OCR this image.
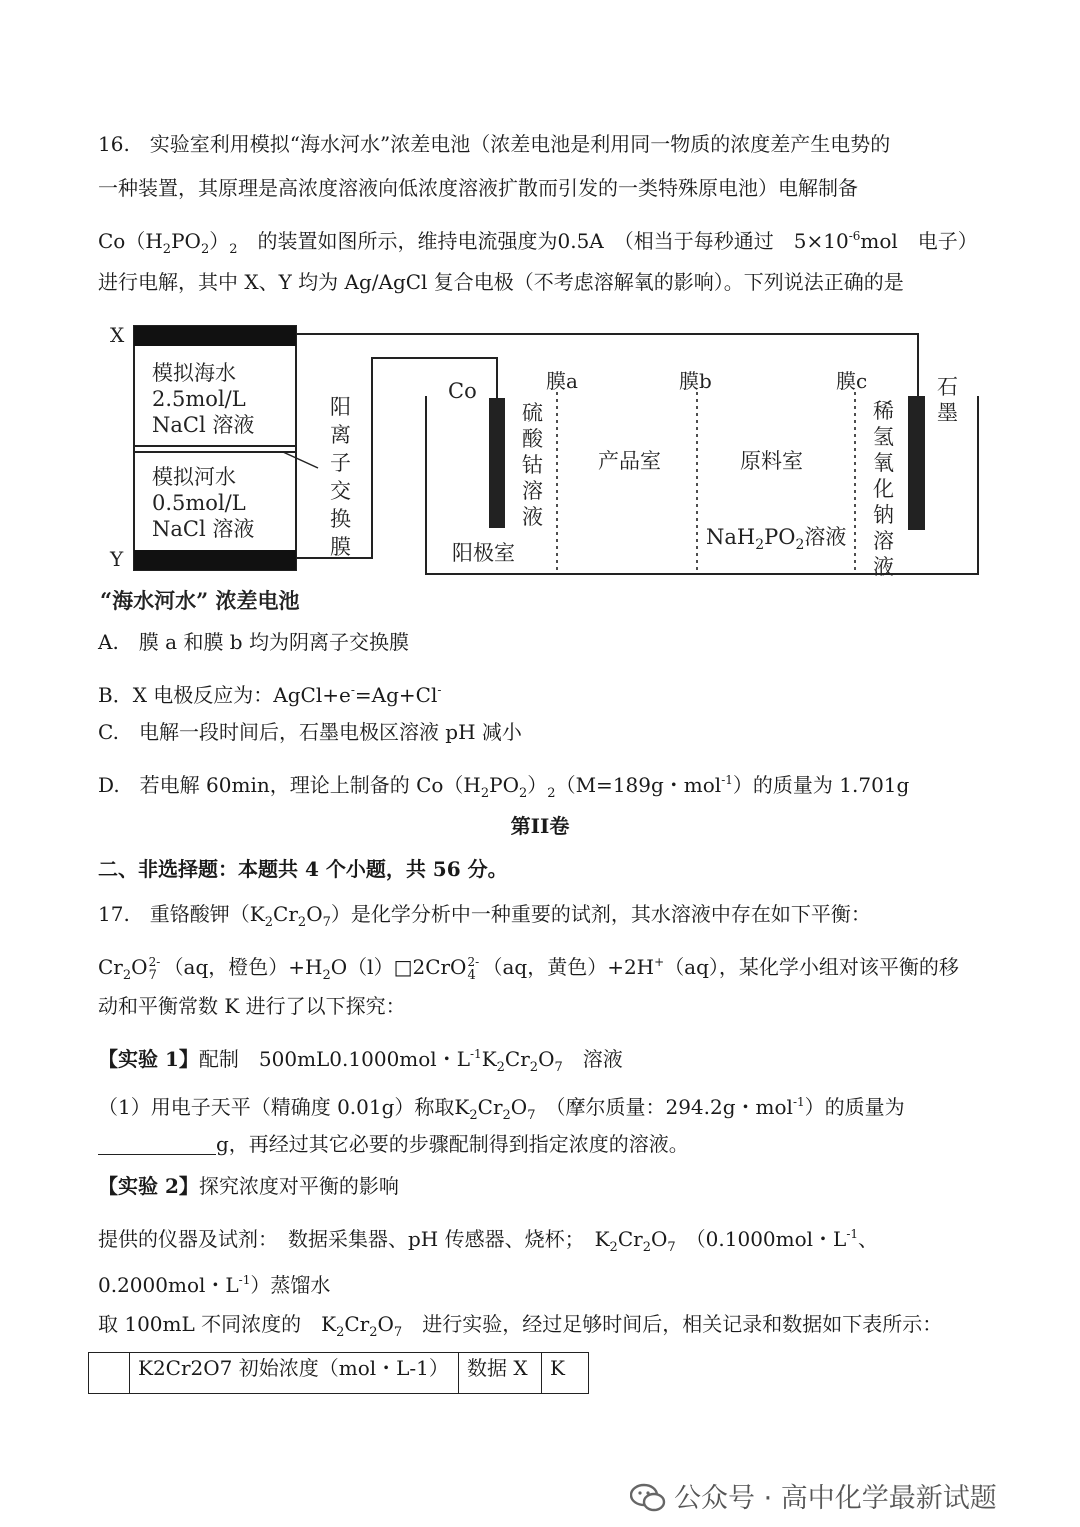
16.　实验室利用模拟“海水河水”浓差电池（浓差电池是利用同一物质的浓度差产生电势的
一种装置，其原理是高浓度溶液向低浓度溶液扩散而引发的一类特殊原电池）电解制备
$Co(H_2PO_2)_2$　 的装置如图所示，维持电流强度为0.5A　（相当于每秒通过　$5\times 10^{-6}mol$　电子）
进行电解，其中 X、Y 均为 Ag/AgCl 复合电极（不考虑溶解氧的影响）。下列说法正确的是
X
Y
模拟海水
2.5mol/L
NaCl 溶液
模拟河水
0.5mol/L
NaCl 溶液
阳
离
子
交
换
膜
“海水河水” 浓差电池
Co	膜a	膜b	膜c	石
墨
硫
酸
钴
溶
液
产品室	原料室
稀
氢
氧
化
钠
溶
液
阳极室
$NaH_2PO_2$溶液
A.　膜 a 和膜 b 均为阴离子交换膜
B．X 电极反应为：AgCl+e-=Ag+Cl-
C.　电解一段时间后，石墨电极区溶液 pH 减小
D.　若电解 60min，理论上制备的 $Co(H_2PO_2)_2(M=189g$・mol$^{-1}$）的质量为 1.701g
第II卷
二、非选择题：本题共 4 个小题，共 56 分。
17.　重铬酸钾$(K_2Cr_2O_7)$是化学分析中一种重要的试剂，其水溶液中存在如下平衡：
$Cr_2O$ 2-
7 （aq，橙色）$+H_2O(l)□2CrO$ 2-
4 （aq，黄色）+2H+（aq），某化学小组对该平衡的移
动和平衡常数 K 进行了以下探究：
【实验 1】配制　500mL0.1000mol・$L^{-1}K_2Cr_2O_7$　溶液
（1）用电子天平（精确度 0.01g）称取$K_2Cr_2O_7$　（摩尔质量：294.2g・mol$^{-1}$）的质量为
g，再经过其它必要的步骤配制得到指定浓度的溶液。
【实验 2】探究浓度对平衡的影响
提供的仪器及试剂：　数据采集器、pH 传感器、烧杯；　$K_2Cr_2O_7$　（0.1000mol・$L^{-1}$、
0.2000mol・$L^{-1}$）蒸馏水
取 100mL 不同浓度的　$K_2Cr_2O_7$　进行实验，经过足够时间后，相关记录和数据如下表所示：
	K2Cr2O7 初始浓度（mol・L-1）	数据 X	K
公众号 · 高中化学最新试题
